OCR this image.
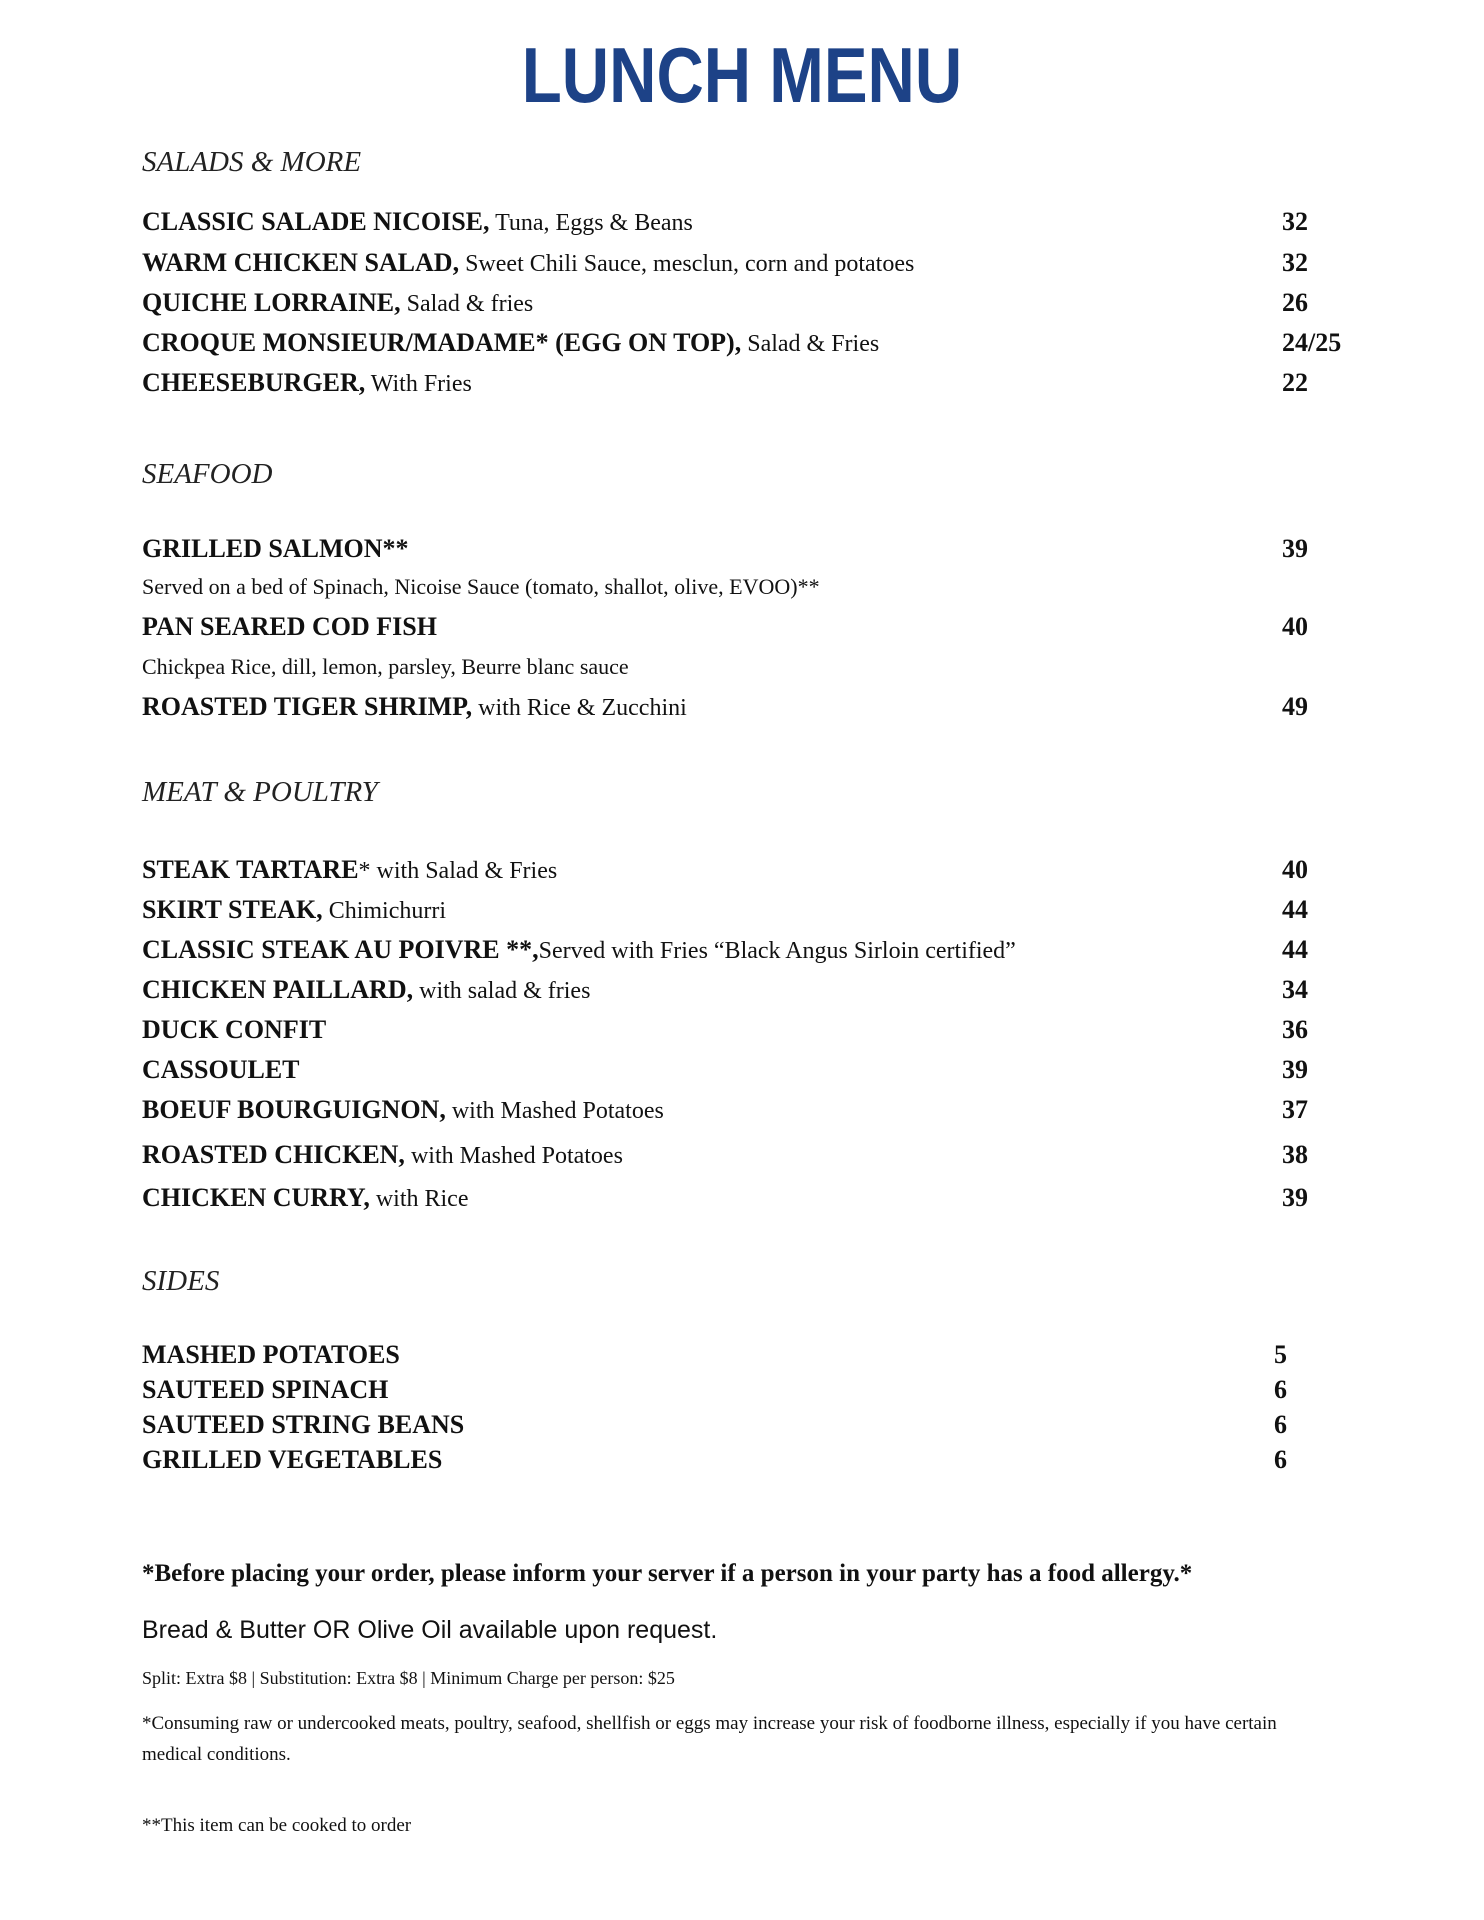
LUNCH MENU
SALADS & MORE
CLASSIC SALADE NICOISE, Tuna, Eggs & Beans	32
WARM CHICKEN SALAD, Sweet Chili Sauce, mesclun, corn and potatoes	32
QUICHE LORRAINE, Salad & fries	26
CROQUE MONSIEUR/MADAME* (EGG ON TOP), Salad & Fries	24/25
CHEESEBURGER, With Fries	22
SEAFOOD
GRILLED SALMON**	39
Served on a bed of Spinach, Nicoise Sauce (tomato, shallot, olive, EVOO)**
PAN SEARED COD FISH	40
Chickpea Rice, dill, lemon, parsley, Beurre blanc sauce
ROASTED TIGER SHRIMP, with Rice & Zucchini	49
MEAT & POULTRY
STEAK TARTARE* with Salad & Fries	40
SKIRT STEAK, Chimichurri	44
CLASSIC STEAK AU POIVRE **,Served with Fries “Black Angus Sirloin certified”	44
CHICKEN PAILLARD, with salad & fries	34
DUCK CONFIT	36
CASSOULET	39
BOEUF BOURGUIGNON, with Mashed Potatoes	37
ROASTED CHICKEN, with Mashed Potatoes	38
CHICKEN CURRY, with Rice	39
SIDES
MASHED POTATOES	5
SAUTEED SPINACH	6
SAUTEED STRING BEANS	6
GRILLED VEGETABLES	6
*Before placing your order, please inform your server if a person in your party has a food allergy.*
Bread & Butter OR Olive Oil available upon request.
Split: Extra $8 | Substitution: Extra $8 | Minimum Charge per person: $25
*Consuming raw or undercooked meats, poultry, seafood, shellfish or eggs may increase your risk of foodborne illness, especially if you have certain
medical conditions.
**This item can be cooked to order
